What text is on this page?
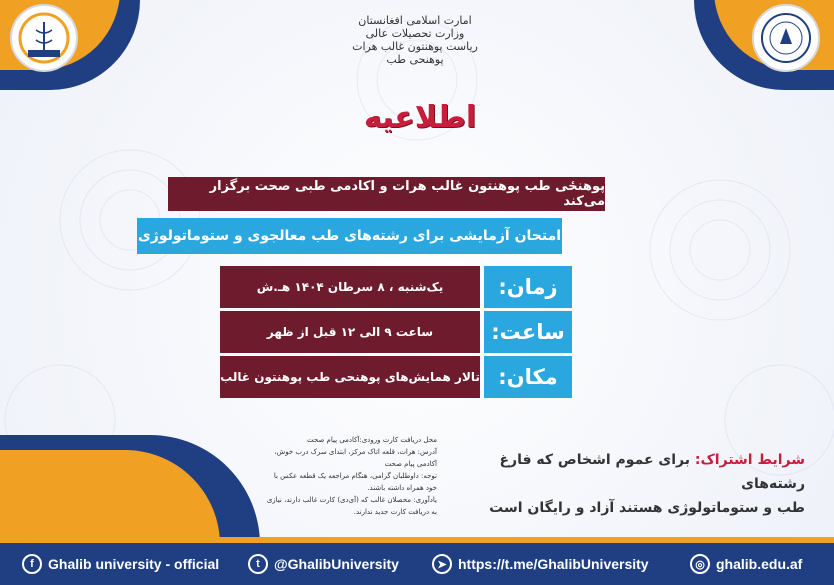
امارت اسلامی افغانستان
وزارت تحصیلات عالی
ریاست پوهنتون غالب هرات
پوهنحی طب
اطلاعیه
پوهنځی طب پوهنتون غالب هرات و اکادمی طبی صحت برگزار می‌کند
امتحان آزمایشی برای رشته‌های طب معالجوی و ستوماتولوژی
زمان:
یک‌شنبه ، ۸ سرطان ۱۴۰۴ هـ.ش
ساعت:
ساعت ۹ الی ۱۲ قبل از ظهر
مکان:
تالار همایش‌های پوهنحی طب پوهنتون غالب
محل دریافت کارت ورودی:آکادمی پیام صحت
آدرس: هرات، قلعه اتاک مرکز، ابتدای سرک درب خوش، آکادمی پیام صحت
توجه: داوطلبان گرامی، هنگام مراجعه یک قطعه عکس با خود همراه داشته باشند.
یادآوری: محصلان غالب که (آی‌دی) کارت غالب دارند، نیازی به دریافت کارت جدید ندارند.
شرایط اشتراک: برای عموم اشخاص که فارغ رشته‌های
طب و ستوماتولوژی هستند آزاد و رایگان است
f	Ghalib university - official	t	@GhalibUniversity	➤ https://t.me/GhalibUniversity	◎ ghalib.edu.af
